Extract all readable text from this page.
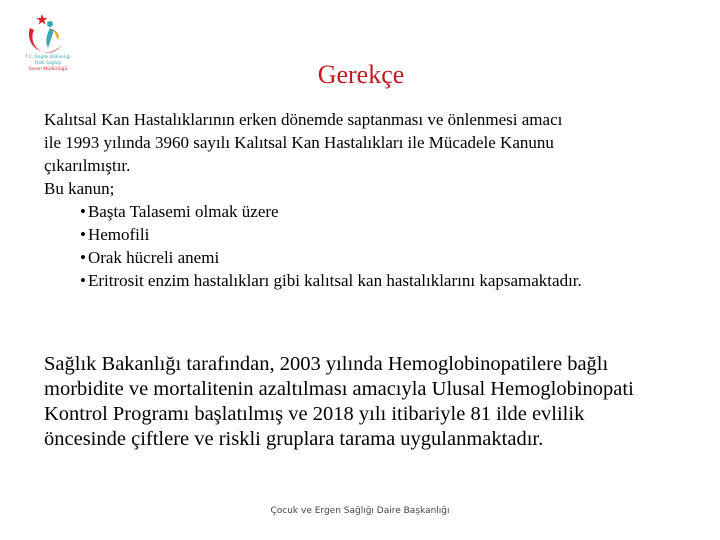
T.C. Sağlık Bakanlığı
Halk Sağlığı
Genel Müdürlüğü	Gerekçe
Kalıtsal Kan Hastalıklarının erken dönemde saptanması ve önlenmesi amacı
ile 1993 yılında 3960 sayılı Kalıtsal Kan Hastalıkları ile Mücadele Kanunu
çıkarılmıştır.
Bu kanun;
• Başta Talasemi olmak üzere
• Hemofili
• Orak hücreli anemi
• Eritrosit enzim hastalıkları gibi kalıtsal kan hastalıklarını kapsamaktadır.
Sağlık Bakanlığı tarafından, 2003 yılında Hemoglobinopatilere bağlı
morbidite ve mortalitenin azaltılması amacıyla Ulusal Hemoglobinopati
Kontrol Programı başlatılmış ve 2018 yılı itibariyle 81 ilde evlilik
öncesinde çiftlere ve riskli gruplara tarama uygulanmaktadır.
Çocuk ve Ergen Sağlığı Daire Başkanlığı
